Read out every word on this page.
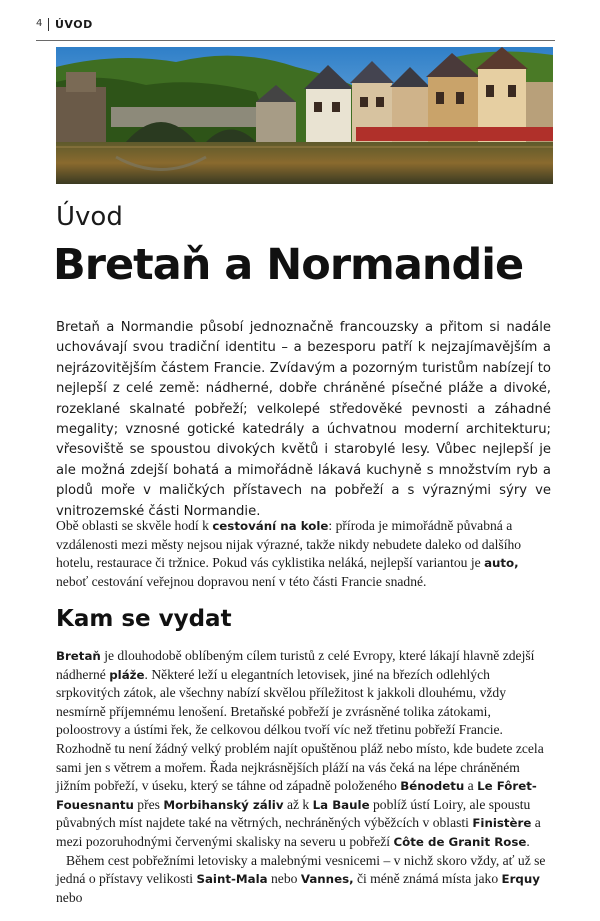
4	ÚVOD
Úvod
Bretaň a Normandie

Bretaň a Normandie působí jednoznačně francouzsky a přitom si nadále uchovávají svou tradiční identitu – a bezesporu patří k nejzajímavějším a nejrázovitějším částem Francie. Zvídavým a pozorným turistům nabízejí to nejlepší z celé země: nádherné, dobře chráněné písečné pláže a divoké, rozeklané skalnaté pobřeží; velkolepé středověké pevnosti a záhadné megality; vznosné gotické katedrály a úchvatnou moderní architekturu; vřesoviště se spoustou divokých květů i starobylé lesy. Vůbec nejlepší je ale možná zdejší bohatá a mimořádně lákavá kuchyně s množstvím ryb a plodů moře v maličkých přístavech na pobřeží a s výraznými sýry ve vnitrozemské části Normandie.

Obě oblasti se skvěle hodí k cestování na kole: příroda je mimořádně půvabná a vzdálenosti mezi městy nejsou nijak výrazné, takže nikdy nebudete daleko od dalšího hotelu, restaurace či tržnice. Pokud vás cyklistika neláká, nejlepší variantou je auto, neboť cestování veřejnou dopravou není v této části Francie snadné.

Kam se vydat

Bretaň je dlouhodobě oblíbeným cílem turistů z celé Evropy, které lákají hlavně zdejší nádherné pláže. Některé leží u elegantních letovisek, jiné na březích odlehlých srpkovitých zátok, ale všechny nabízí skvělou příležitost k jakkoli dlouhému, vždy nesmírně příjemnému lenošení. Bretaňské pobřeží je zvrásněné tolika zátokami, poloostrovy a ústími řek, že celkovou délkou tvoří víc než třetinu pobřeží Francie. Rozhodně tu není žádný velký problém najít opuštěnou pláž nebo místo, kde budete zcela sami jen s větrem a mořem. Řada nejkrásnějších pláží na vás čeká na lépe chráněném jižním pobřeží, v úseku, který se táhne od západně položeného Bénodetu a Le Fôret-Fouesnantu přes Morbihanský záliv až k La Baule poblíž ústí Loiry, ale spoustu půvabných míst najdete také na větrných, nechráněných výběžcích v oblasti Finistère a mezi pozoruhodnými červenými skalisky na severu u pobřeží Côte de Granit Rose.

Během cest pobřežními letovisky a malebnými vesnicemi – v nichž skoro vždy, ať už se jedná o přístavy velikosti Saint-Mala nebo Vannes, či méně známá místa jako Erquy nebo
